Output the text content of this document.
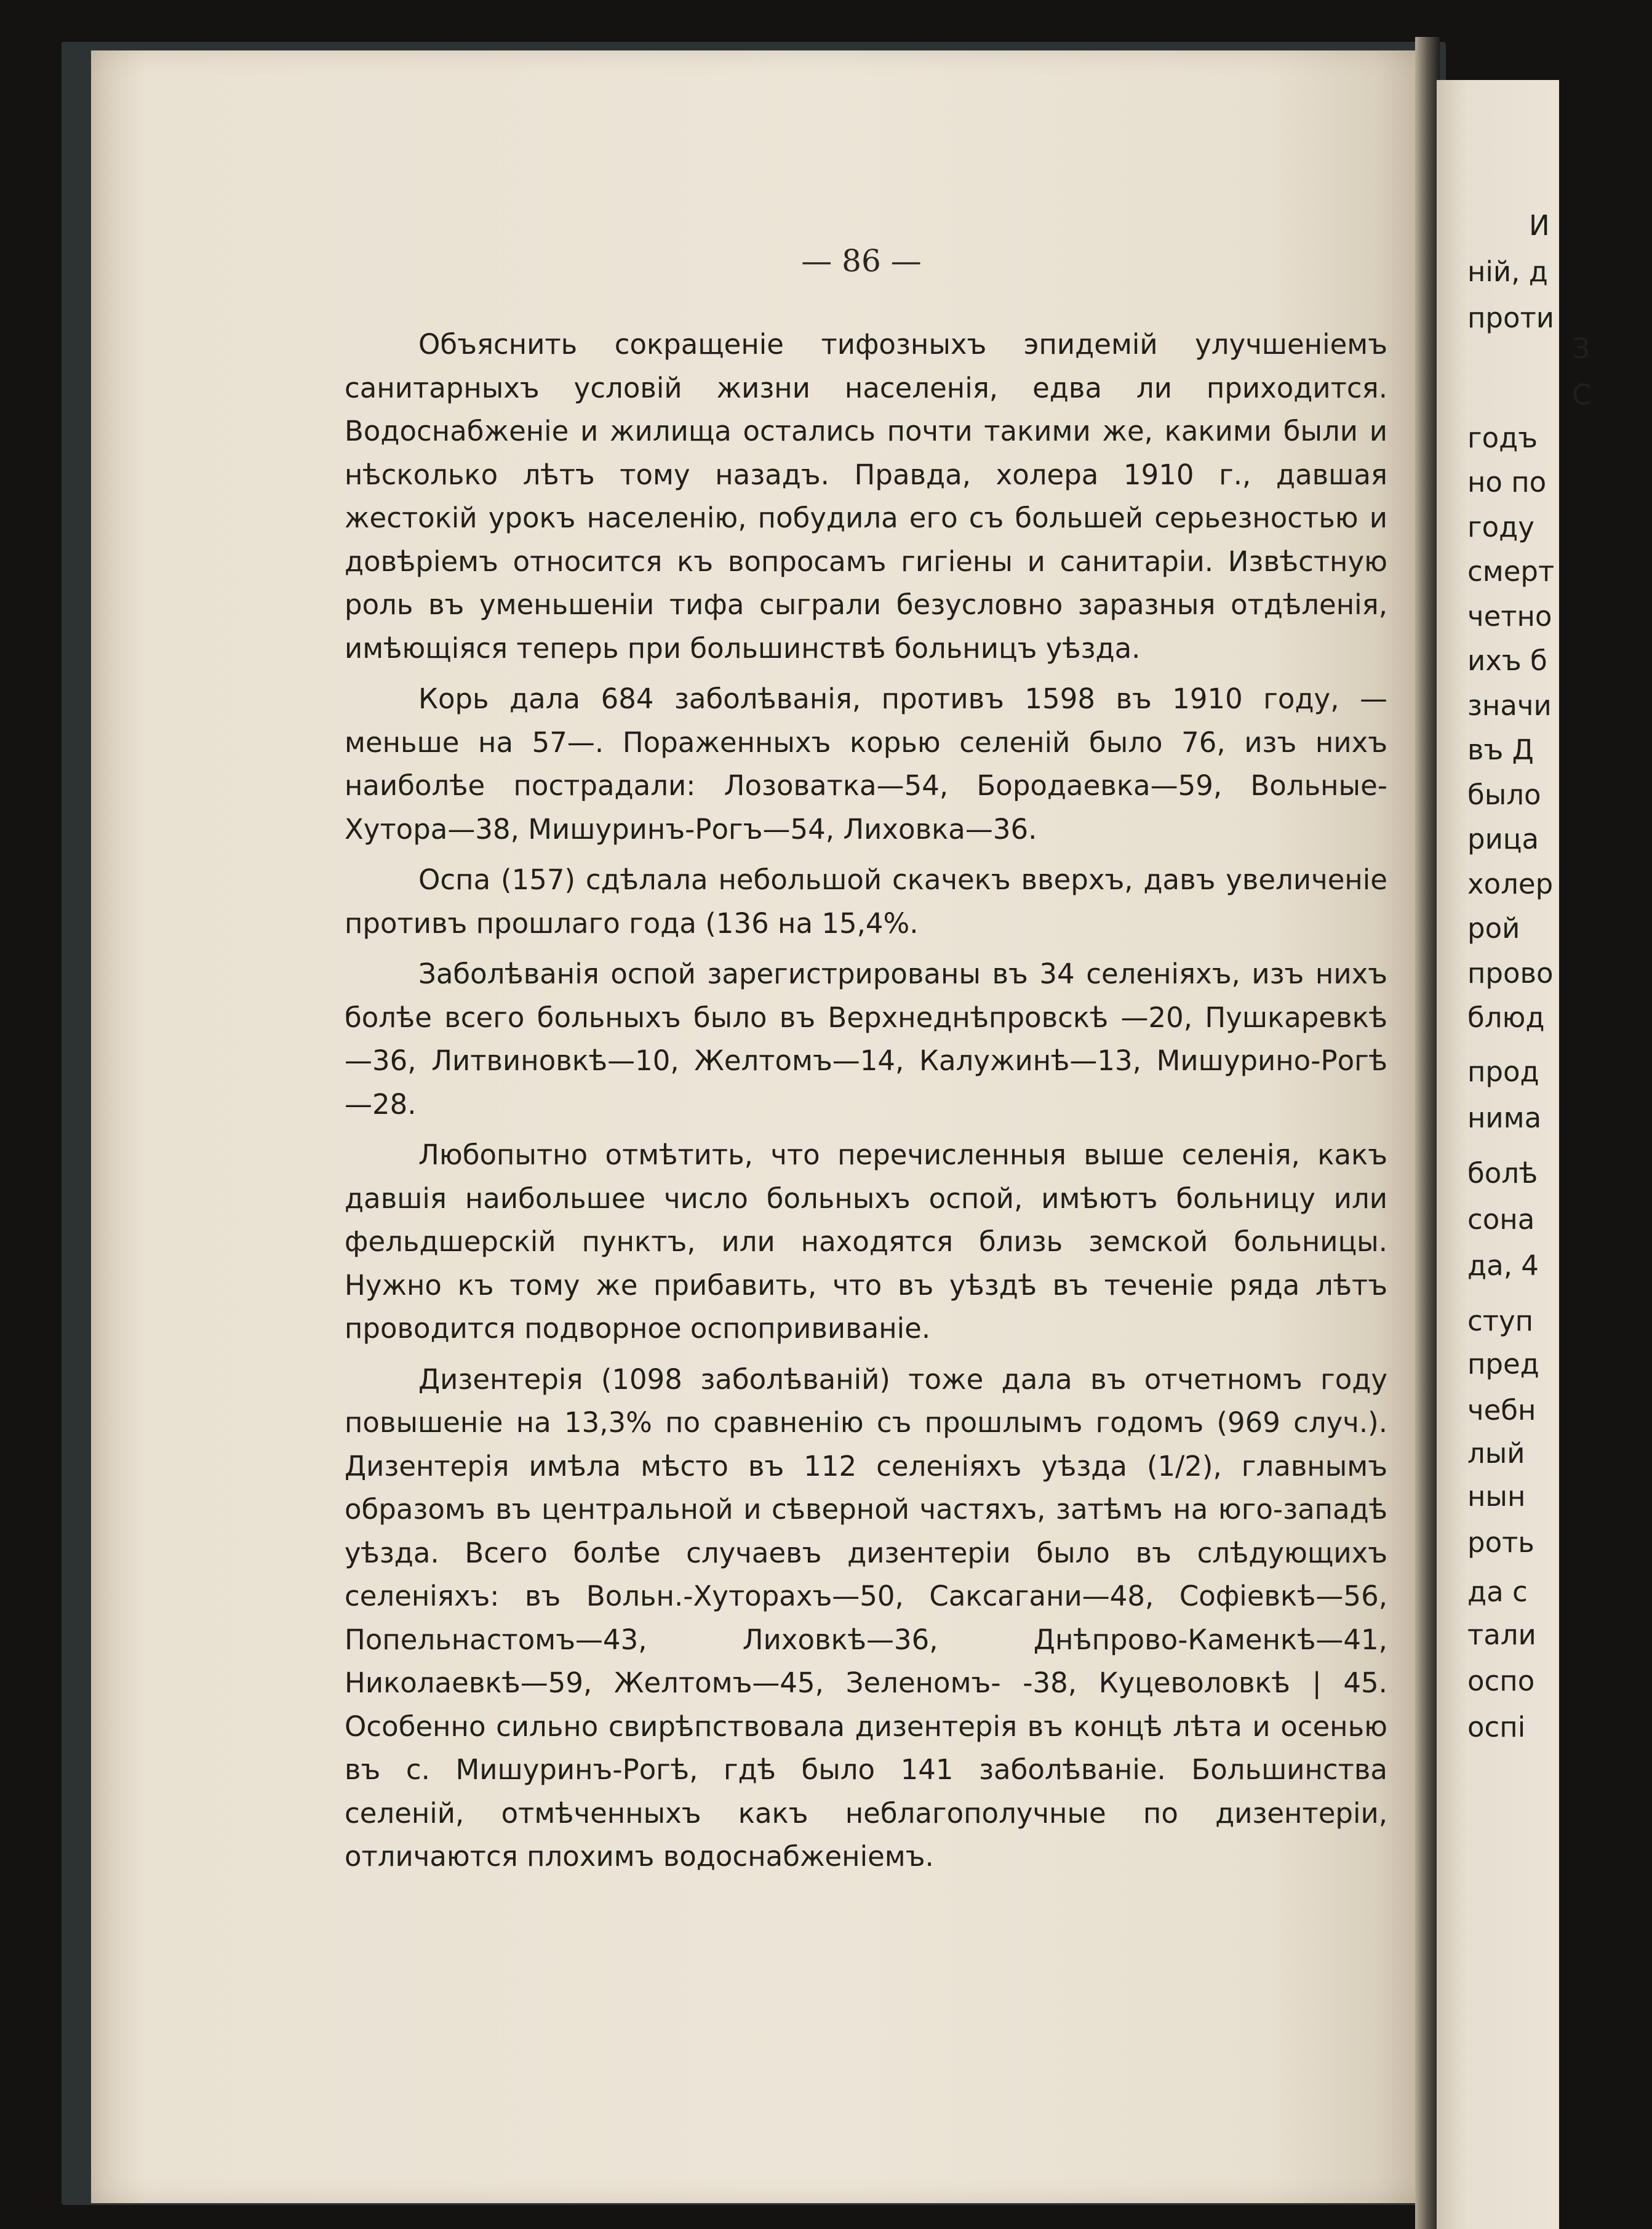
И
ній, д
проти
З
С
годъ
но по
году
смерт
четно
ихъ б
значи
въ Д
было
рица
холер
рой
прово
блюд
прод
нима
болѣ
сона
да, 4
ступ
пред
чебн
лый
нын
роть
да с
тали
оспо
оспі
— 86 —

Объяснить сокращеніе тифозныхъ эпидемій улучшеніемъ санитарныхъ условій жизни населенія, едва ли приходится. Водоснабженіе и жилища остались почти такими же, какими были и нѣсколько лѣтъ тому назадъ. Правда, холера 1910 г., давшая жестокій урокъ населенію, побудила его съ большей серьезностью и довѣріемъ относится къ вопросамъ гигіены и санитаріи. Извѣстную роль въ уменьшеніи тифа сыграли безусловно заразныя отдѣленія, имѣющіяся теперь при большинствѣ больницъ уѣзда.

Корь дала 684 заболѣванія, противъ 1598 въ 1910 году, —меньше на 57—. Пораженныхъ корью селеній было 76, изъ нихъ наиболѣе пострадали: Лозоватка—54, Бородаевка—59, Вольные-Хутора—38, Мишуринъ-Рогъ—54, Лиховка—36.

Оспа (157) сдѣлала небольшой скачекъ вверхъ, давъ увеличеніе противъ прошлаго года (136 на 15,4%.

Заболѣванія оспой зарегистрированы въ 34 селеніяхъ, изъ нихъ болѣе всего больныхъ было въ Верхнеднѣпровскѣ —20, Пушкаревкѣ—36, Литвиновкѣ—10, Желтомъ—14, Калужинѣ—13, Мишурино-Рогѣ—28.

Любопытно отмѣтить, что перечисленныя выше селенія, какъ давшія наибольшее число больныхъ оспой, имѣютъ больницу или фельдшерскій пунктъ, или находятся близь земской больницы. Нужно къ тому же прибавить, что въ уѣздѣ въ теченіе ряда лѣтъ проводится подворное оспопрививаніе.

Дизентерія (1098 заболѣваній) тоже дала въ отчетномъ году повышеніе на 13,3% по сравненію съ прошлымъ годомъ (969 случ.). Дизентерія имѣла мѣсто въ 112 селеніяхъ уѣзда (1/2), главнымъ образомъ въ центральной и сѣверной частяхъ, затѣмъ на юго-западѣ уѣзда. Всего болѣе случаевъ дизентеріи было въ слѣдующихъ селеніяхъ: въ Вольн.-Хуторахъ—50, Саксагани—48, Софіевкѣ—56, Попельнастомъ—43, Лиховкѣ—36, Днѣпрово-Каменкѣ—41, Николаевкѣ—59, Желтомъ—45, Зеленомъ- -38, Куцеволовкѣ | 45. Особенно сильно свирѣпствовала дизентерія въ концѣ лѣта и осенью въ с. Мишуринъ-Рогѣ, гдѣ было 141 заболѣваніе. Большинства селеній, отмѣченныхъ какъ неблагополучные по дизентеріи, отличаются плохимъ водоснабженіемъ.
